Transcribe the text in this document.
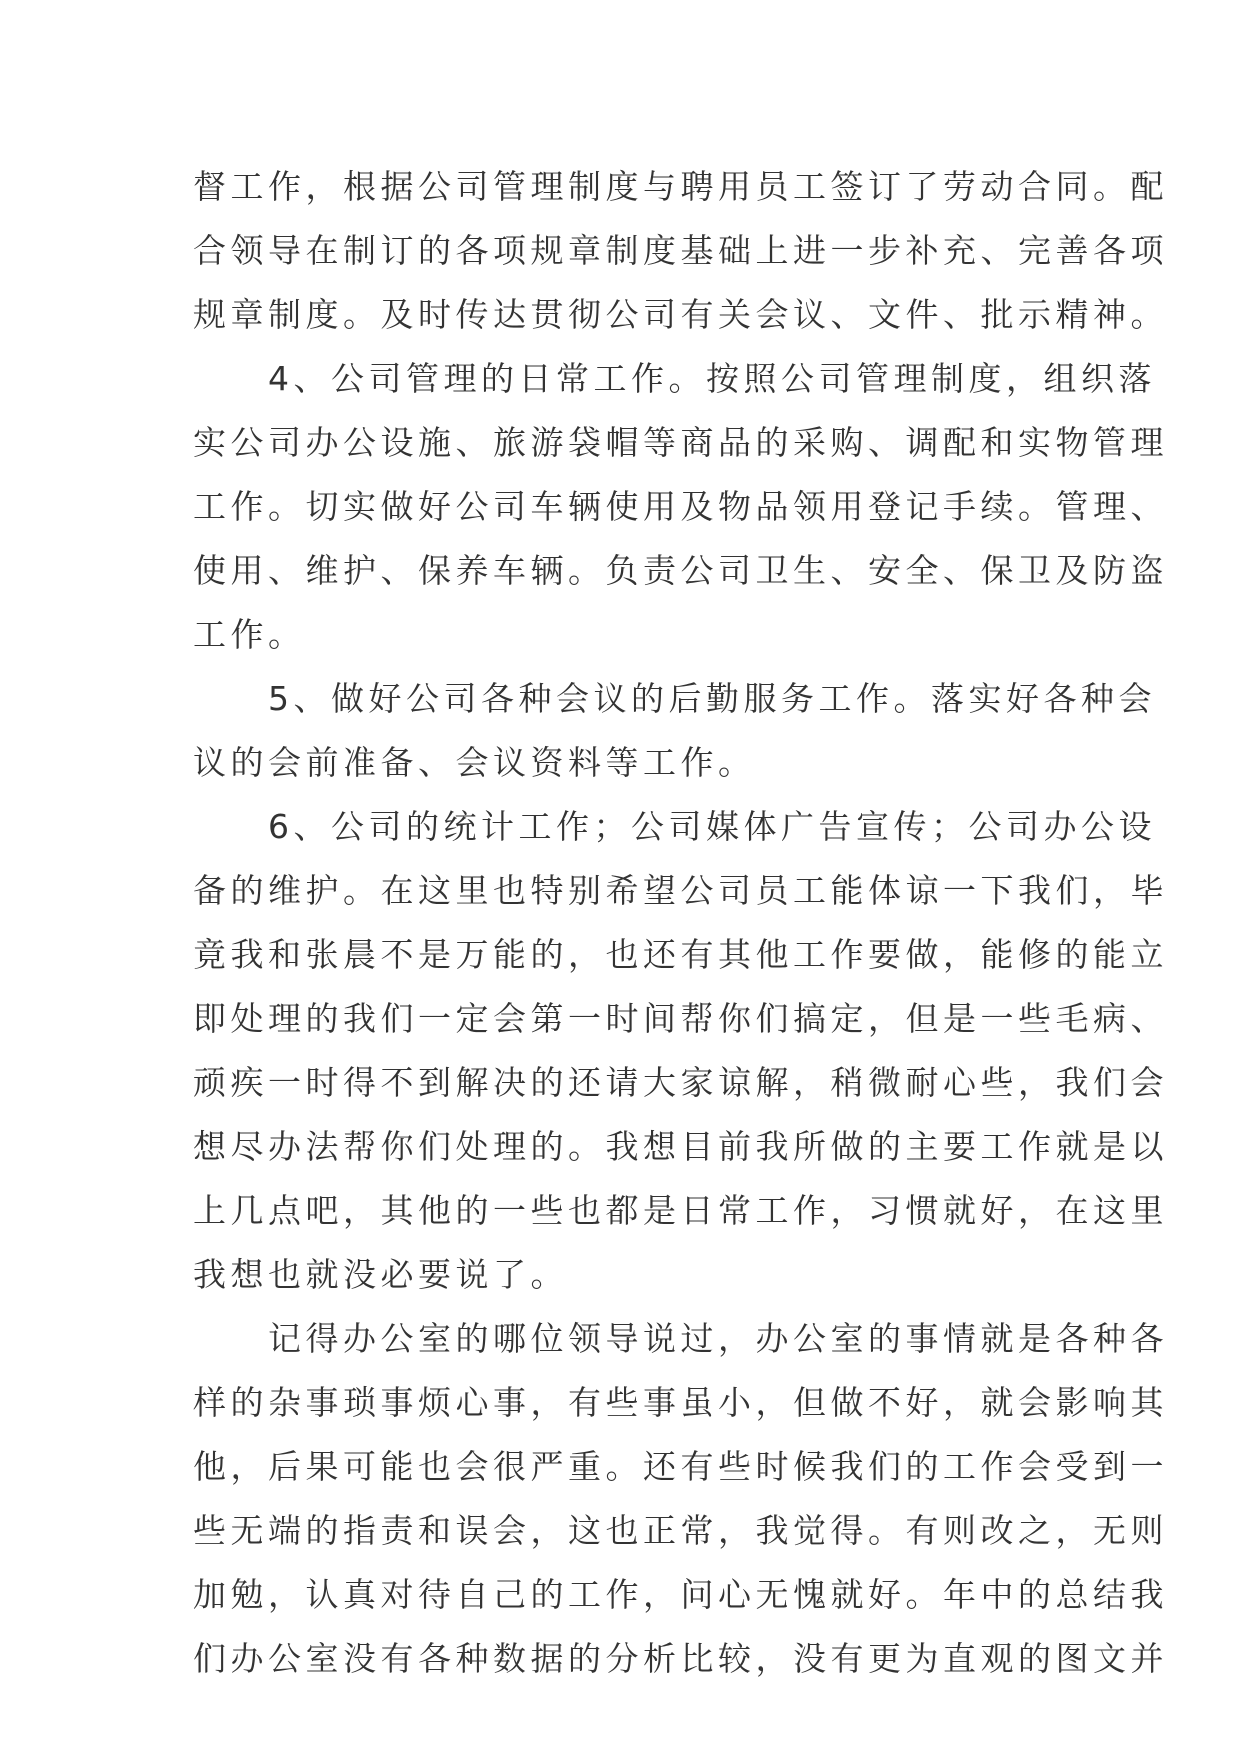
督工作，根据公司管理制度与聘用员工签订了劳动合同。配
合领导在制订的各项规章制度基础上进一步补充、完善各项
规章制度。及时传达贯彻公司有关会议、文件、批示精神。
　　4、公司管理的日常工作。按照公司管理制度，组织落
实公司办公设施、旅游袋帽等商品的采购、调配和实物管理
工作。切实做好公司车辆使用及物品领用登记手续。管理、
使用、维护、保养车辆。负责公司卫生、安全、保卫及防盗
工作。
　　5、做好公司各种会议的后勤服务工作。落实好各种会
议的会前准备、会议资料等工作。
　　6、公司的统计工作；公司媒体广告宣传；公司办公设
备的维护。在这里也特别希望公司员工能体谅一下我们，毕
竟我和张晨不是万能的，也还有其他工作要做，能修的能立
即处理的我们一定会第一时间帮你们搞定，但是一些毛病、
顽疾一时得不到解决的还请大家谅解，稍微耐心些，我们会
想尽办法帮你们处理的。我想目前我所做的主要工作就是以
上几点吧，其他的一些也都是日常工作，习惯就好，在这里
我想也就没必要说了。
　　记得办公室的哪位领导说过，办公室的事情就是各种各
样的杂事琐事烦心事，有些事虽小，但做不好，就会影响其
他，后果可能也会很严重。还有些时候我们的工作会受到一
些无端的指责和误会，这也正常，我觉得。有则改之，无则
加勉，认真对待自己的工作，问心无愧就好。年中的总结我
们办公室没有各种数据的分析比较，没有更为直观的图文并
